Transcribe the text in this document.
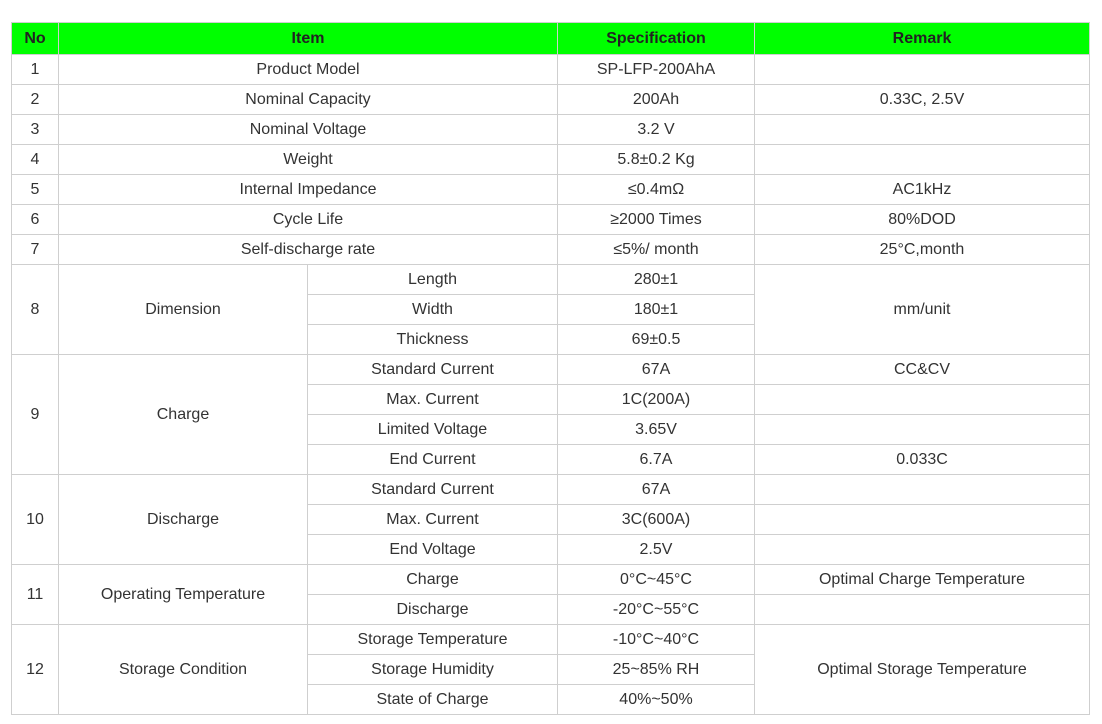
No	Item		Specification	Remark
1	Product Model		SP-LFP-200AhA	
2	Nominal Capacity		200Ah	0.33C, 2.5V
3	Nominal Voltage		3.2 V	
4	Weight		5.8±0.2 Kg	
5	Internal Impedance		≤0.4mΩ	AC1kHz
6	Cycle Life		≥2000 Times	80%DOD
7	Self-discharge rate		≤5%/ month	25°C,month
8	Dimension	Length	280±1	mm/unit
		Width	180±1	
		Thickness	69±0.5	
9	Charge	Standard Current	67A	CC&CV
		Max. Current	1C(200A)	
		Limited Voltage	3.65V	
		End Current	6.7A	0.033C
10	Discharge	Standard Current	67A	
		Max. Current	3C(600A)	
		End Voltage	2.5V	
11	Operating Temperature	Charge	0°C~45°C	Optimal Charge Temperature
		Discharge	-20°C~55°C	
12	Storage Condition	Storage Temperature	-10°C~40°C	Optimal Storage Temperature
		Storage Humidity	25~85% RH	
		State of Charge	40%~50%	
